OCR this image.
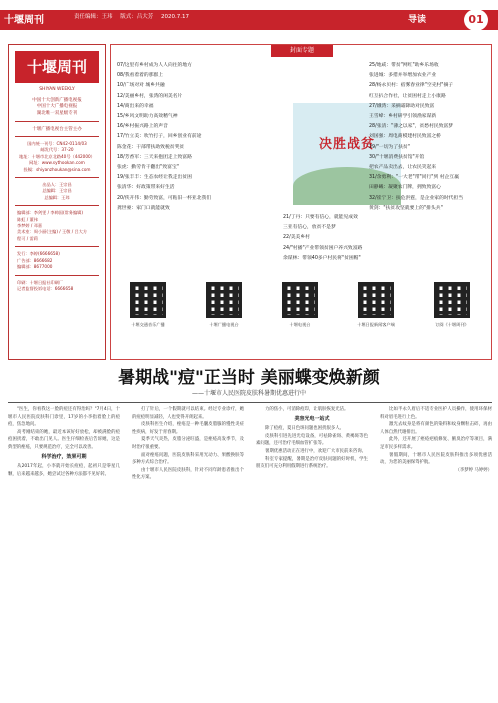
十堰周刊	责任编辑：王玮 版式：吕大芳 2020.7.17	导读	01
十堰周刊
SHIYAN WEEKLY
中国十大创新广播电视报
中国十大广播电视报
湖北唯一双星级专刊
十堰广播电视台主管主办
国内统一刊号：CN42-0114/03
邮发代号：37-20
地址：十堰市北京北路40号（442000）
网址：www.sythookan.com
投稿：shiyanzhoukan@sina.com
出品人：王宗昌
总编辑：王宗昌
总编辑：王玮
编辑部：李剑雯 / 李帅国(常务编辑)
陈虹 / 董伟
李梦婷 / 邓嘉
美术室：周小丽(主编) / 王敬 / 吕大方
程可 / 雷莉
发行：李婷(6666658)
广告部：8666682
编辑部：8677000
印刷：十堰日报社印刷厂
记者监督投诉电话：6666658
封面专题
07/这里有乡村成为人人向往的地方
08/我看着着的那群上
10/广场对对 城乡共融
12/美丽乡村，张湾的闲美名片
14/商出来的幸福
15/乡风文明助力高效精气神
16/乡村振兴路上的声音
17/竹立美：吹竹打子，回乡创业有前途
陈金花：干部带扶助致税贫奖贫
18/芳香军：三天来抱团走上致富路
张虎：勤劳肯干翻出"致富宝"
19/张丰丰：生态农经让我走出贫困
张清华：好政策带来好生活
20/侠开伟：勤劳致富，可粘旧一杯亚北我们
龚世豪：家门口就能就致
决胜战贫
21/丁丹：只要有信心，就能见成效
三亚有信心，放贫不是梦
22/美美乡村
24/"村播"产业带领贫困户养兴致富路
余谋林：带领40多户村民将"贫困帽"
25/地咸：带贫"网红"助乡乐场收
张进城：多措并举增加农业产业
28/杨永贝村：宿雾春业律"空壳村"摘子
红互扒合作社，让贫困村走上小康路
27/娥湾：采摘霜降助对民致富
王雪峰：乡村研学引领渔家谋新
28/张清："薄之以家"，贫愁村民致富梦
刘国强：周电商模建村民致富之桥
29/"一切为了扶贫"
30/"十堰消费扶贫馆"开馆
把农产品卖出去，让农民笑起来
31/余勇利："一大老"带"同行"到 村企互赢
田静曦：凝聚农门牌，拥致致富心
32/崔宁卫：扶危洪霆，是企业家的时代担当
黄剑："扶贫攻坚就要上的"排头兵"
十堰交通音乐广播	十堰广播电视台	十堰电视台	十堰日报新闻客户端	订阅《十堰周刊》
暑期战"痘"正当时 美丽蝶变焕新颜
——十堰市人民医院皮肤科暑期优惠进行中

"医生，你看我这一脸的痘还有得治吗？"7月4日，十堰市人民医院皮肤科门诊里，17岁的小李指着脸上的痘痘，焦急地问。

高考刚结束的她，最近本该好好放松，却被满脸的痘痘困扰着，不敢出门见人。医生仔细检查后告诉她，这是典型的痤疮，只要规范治疗，完全可以改善。

科学治疗，效果可期

从2017年起，小李就开始长痘痘，起初只是零星几颗，后来越来越多，她尝试过各种方法都不见好转。

打了针后，一个假期就可以结束。经过专业诊疗，她的痘痘明显减轻，人也变得开朗起来。

皮肤科医生介绍，痤疮是一种毛囊皮脂腺的慢性炎症性疾病，好发于青春期。

夏季天气炎热，皮脂分泌旺盛，是痤疮高发季节，及时治疗很重要。

面对痤疮问题，医院皮肤科采用光动力、果酸换肤等多种方式综合治疗。

由十堰市人民医院皮肤科，针对不同年龄患者推出个性化方案。

力的焦小，可消除痘印，让肌肤恢复光洁。

美容光电一站式

除了痘痘，夏日色斑问题也困扰很多人。

皮肤科引进先进光电设备，可祛除雀斑、黄褐斑等色素问题，还可治疗毛细血管扩张等。

暑期优惠活动正在进行中，欢迎广大市民前来咨询。

科室专家提醒，暑期是治疗皮肤问题的好时机，学生朋友们可充分利用假期进行系统治疗。

比如半永久眉后不适专业医护人员操作，使用环保材料对眉毛进行上色。

激光去纹身是将有颜色的染料和纹身颗粒击碎，再由人体自然代谢排出。

此外，还开展了痤疮疤痕修复、腋臭治疗等项目，满足市民多样需求。

暑假期间，十堰市人民医院皮肤科推出多项优惠活动，为您的美丽保驾护航。

（李梦婷 马婷婷）
